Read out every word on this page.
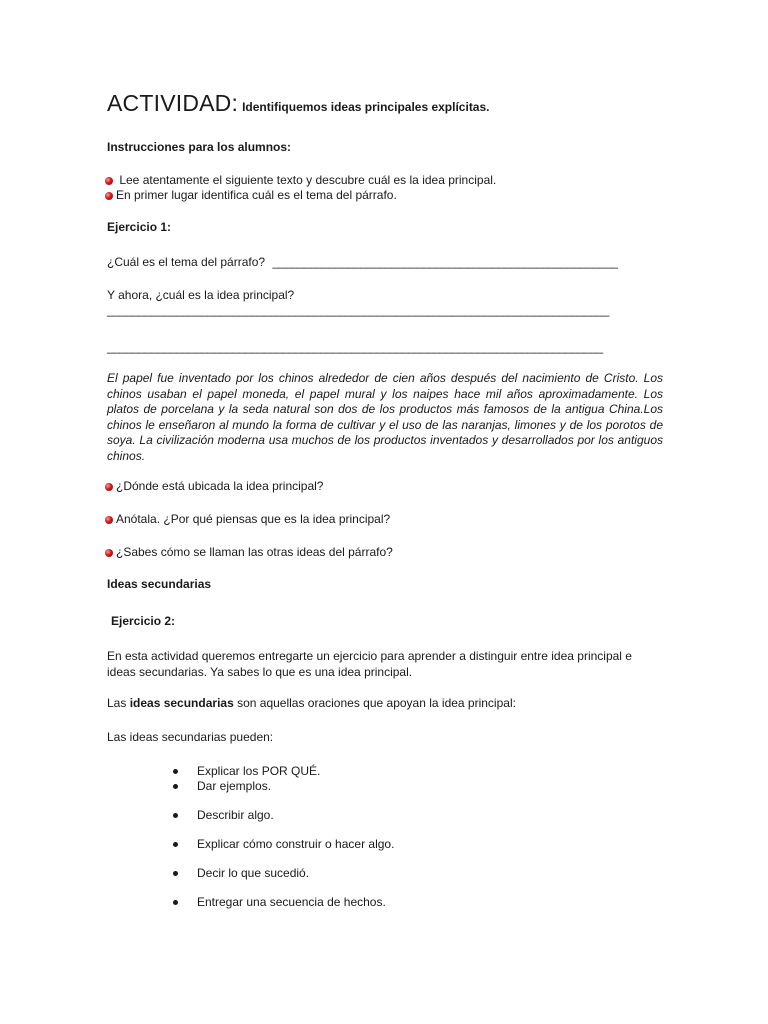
ACTIVIDAD: Identifiquemos ideas principales explícitas.
Instrucciones para los alumnos:
Lee atentamente el siguiente texto y descubre cuál es la idea principal.
En primer lugar identifica cuál es el tema del párrafo.
Ejercicio 1:
¿Cuál es el tema del párrafo? _______________________________________________________
Y ahora, ¿cuál es la idea principal?
________________________________________________________________________________
_______________________________________________________________________________
El papel fue inventado por los chinos alrededor de cien años después del nacimiento de Cristo. Los chinos usaban el papel moneda, el papel mural y los naipes hace mil años aproximadamente. Los platos de porcelana y la seda natural son dos de los productos más famosos de la antigua China.Los chinos le enseñaron al mundo la forma de cultivar y el uso de las naranjas, limones y de los porotos de soya. La civilización moderna usa muchos de los productos inventados y desarrollados por los antiguos chinos.
¿Dónde está ubicada la idea principal?
Anótala. ¿Por qué piensas que es la idea principal?
¿Sabes cómo se llaman las otras ideas del párrafo?
Ideas secundarias
Ejercicio 2:
En esta actividad queremos entregarte un ejercicio para aprender a distinguir entre idea principal e ideas secundarias. Ya sabes lo que es una idea principal.
Las ideas secundarias son aquellas oraciones que apoyan la idea principal:
Las ideas secundarias pueden:
Explicar los POR QUÉ.
Dar ejemplos.
Describir algo.
Explicar cómo construir o hacer algo.
Decir lo que sucedió.
Entregar una secuencia de hechos.
